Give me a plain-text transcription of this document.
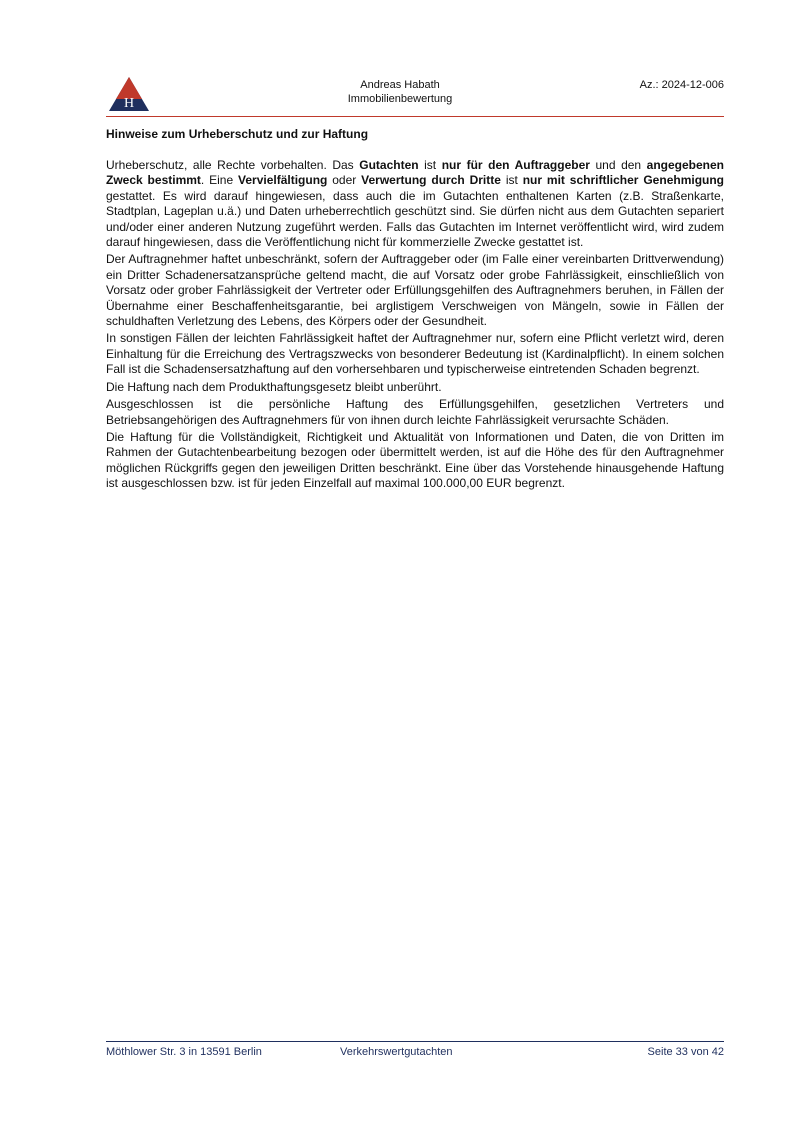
H
Andreas Habath
Immobilienbewertung
Az.: 2024-12-006
Hinweise zum Urheberschutz und zur Haftung

Urheberschutz, alle Rechte vorbehalten. Das Gutachten ist nur für den Auftraggeber und den angegebenen Zweck bestimmt. Eine Vervielfältigung oder Verwertung durch Dritte ist nur mit schriftlicher Genehmigung gestattet. Es wird darauf hingewiesen, dass auch die im Gutachten enthaltenen Karten (z.B. Straßenkarte, Stadtplan, Lageplan u.ä.) und Daten urheberrechtlich geschützt sind. Sie dürfen nicht aus dem Gutachten separiert und/oder einer anderen Nutzung zugeführt werden. Falls das Gutachten im Internet veröffentlicht wird, wird zudem darauf hingewiesen, dass die Veröffentlichung nicht für kommerzielle Zwecke gestattet ist.

Der Auftragnehmer haftet unbeschränkt, sofern der Auftraggeber oder (im Falle einer vereinbarten Drittverwendung) ein Dritter Schadenersatzansprüche geltend macht, die auf Vorsatz oder grobe Fahrlässigkeit, einschließlich von Vorsatz oder grober Fahrlässigkeit der Vertreter oder Erfüllungsgehilfen des Auftragnehmers beruhen, in Fällen der Übernahme einer Beschaffenheitsgarantie, bei arglistigem Verschweigen von Mängeln, sowie in Fällen der schuldhaften Verletzung des Lebens, des Körpers oder der Gesundheit.

In sonstigen Fällen der leichten Fahrlässigkeit haftet der Auftragnehmer nur, sofern eine Pflicht verletzt wird, deren Einhaltung für die Erreichung des Vertragszwecks von besonderer Bedeutung ist (Kardinalpflicht). In einem solchen Fall ist die Schadensersatzhaftung auf den vorhersehbaren und typischerweise eintretenden Schaden begrenzt.

Die Haftung nach dem Produkthaftungsgesetz bleibt unberührt.

Ausgeschlossen ist die persönliche Haftung des Erfüllungsgehilfen, gesetzlichen Vertreters und Betriebsangehörigen des Auftragnehmers für von ihnen durch leichte Fahrlässigkeit verursachte Schäden.

Die Haftung für die Vollständigkeit, Richtigkeit und Aktualität von Informationen und Daten, die von Dritten im Rahmen der Gutachtenbearbeitung bezogen oder übermittelt werden, ist auf die Höhe des für den Auftragnehmer möglichen Rückgriffs gegen den jeweiligen Dritten beschränkt. Eine über das Vorstehende hinausgehende Haftung ist ausgeschlossen bzw. ist für jeden Einzelfall auf maximal 100.000,00 EUR begrenzt.

Möthlower Str. 3 in 13591 Berlin	Verkehrswertgutachten	Seite 33 von 42
